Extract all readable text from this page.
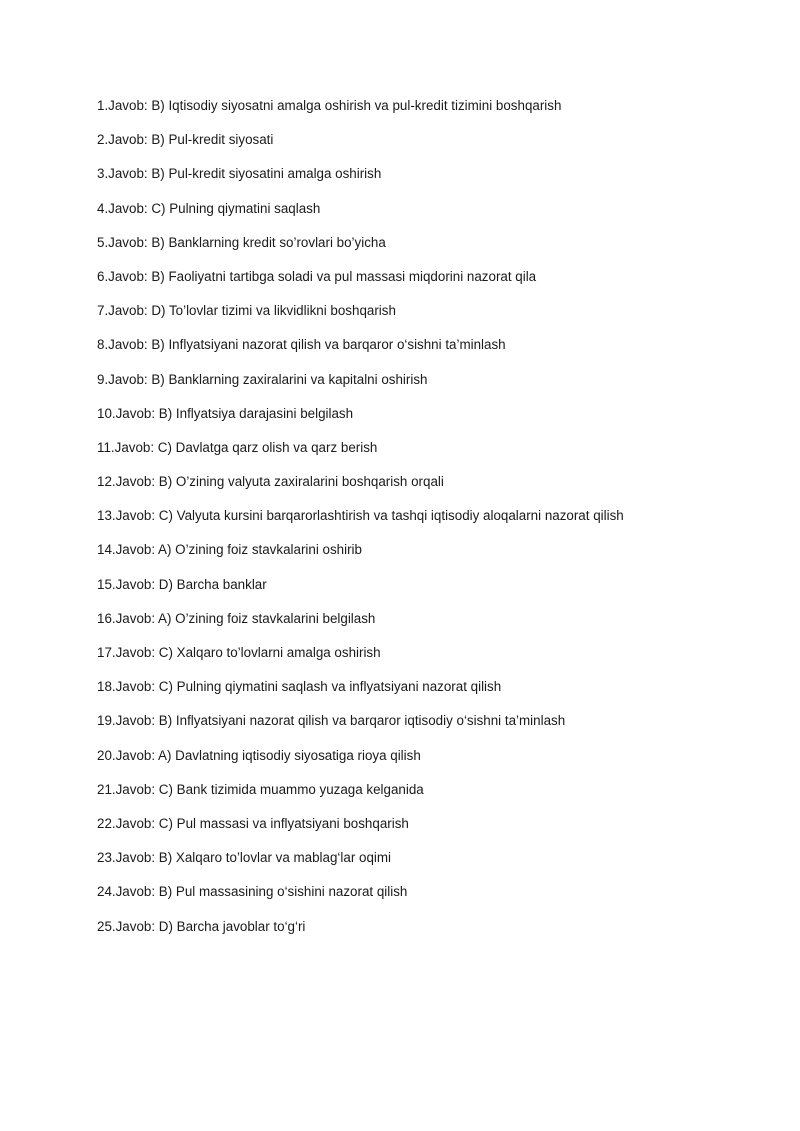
1.Javob: B) Iqtisodiy siyosatni amalga oshirish va pul-kredit tizimini boshqarish
2.Javob: B) Pul-kredit siyosati
3.Javob: B) Pul-kredit siyosatini amalga oshirish
4.Javob: C) Pulning qiymatini saqlash
5.Javob: B) Banklarning kredit so’rovlari bo’yicha
6.Javob: B) Faoliyatni tartibga soladi va pul massasi miqdorini nazorat qila
7.Javob: D) To’lovlar tizimi va likvidlikni boshqarish
8.Javob: B) Inflyatsiyani nazorat qilish va barqaror o‘sishni ta’minlash
9.Javob: B) Banklarning zaxiralarini va kapitalni oshirish
10.Javob: B) Inflyatsiya darajasini belgilash
11.Javob: C) Davlatga qarz olish va qarz berish
12.Javob: B) O’zining valyuta zaxiralarini boshqarish orqali
13.Javob: C) Valyuta kursini barqarorlashtirish va tashqi iqtisodiy aloqalarni nazorat qilish
14.Javob: A) O’zining foiz stavkalarini oshirib
15.Javob: D) Barcha banklar
16.Javob: A) O’zining foiz stavkalarini belgilash
17.Javob: C) Xalqaro to’lovlarni amalga oshirish
18.Javob: C) Pulning qiymatini saqlash va inflyatsiyani nazorat qilish
19.Javob: B) Inflyatsiyani nazorat qilish va barqaror iqtisodiy o‘sishni ta’minlash
20.Javob: A) Davlatning iqtisodiy siyosatiga rioya qilish
21.Javob: C) Bank tizimida muammo yuzaga kelganida
22.Javob: C) Pul massasi va inflyatsiyani boshqarish
23.Javob: B) Xalqaro to’lovlar va mablag‘lar oqimi
24.Javob: B) Pul massasining o‘sishini nazorat qilish
25.Javob: D) Barcha javoblar to‘g‘ri
